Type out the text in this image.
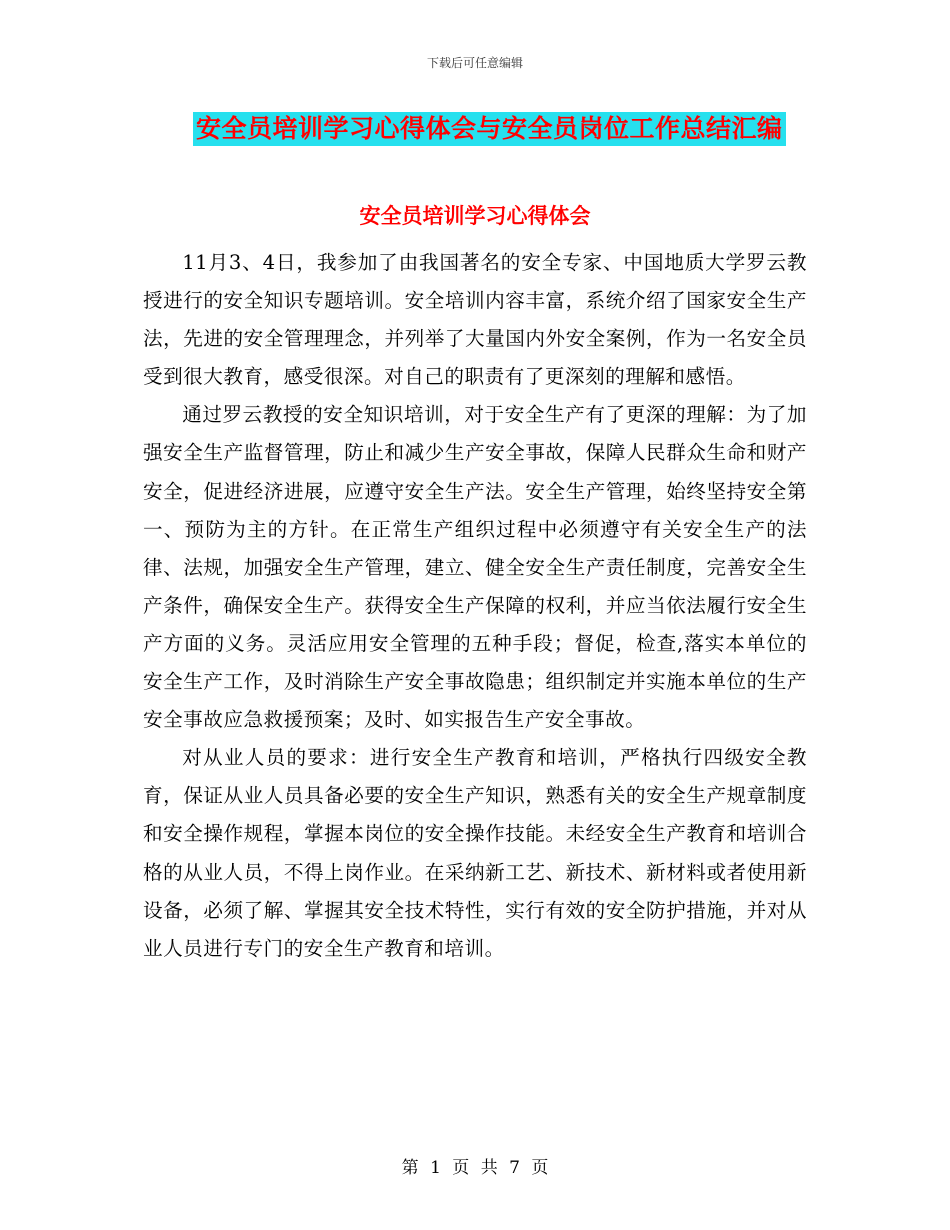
下载后可任意编辑
安全员培训学习心得体会与安全员岗位工作总结汇编
安全员培训学习心得体会

11月3、4日，我参加了由我国著名的安全专家、中国地质大学罗云教授进行的安全知识专题培训。安全培训内容丰富，系统介绍了国家安全生产法，先进的安全管理理念，并列举了大量国内外安全案例，作为一名安全员受到很大教育，感受很深。对自己的职责有了更深刻的理解和感悟。

通过罗云教授的安全知识培训，对于安全生产有了更深的理解：为了加强安全生产监督管理，防止和减少生产安全事故，保障人民群众生命和财产安全，促进经济进展，应遵守安全生产法。安全生产管理，始终坚持安全第一、预防为主的方针。在正常生产组织过程中必须遵守有关安全生产的法律、法规，加强安全生产管理，建立、健全安全生产责任制度，完善安全生产条件，确保安全生产。获得安全生产保障的权利，并应当依法履行安全生产方面的义务。灵活应用安全管理的五种手段；督促，检查,落实本单位的安全生产工作，及时消除生产安全事故隐患；组织制定并实施本单位的生产安全事故应急救援预案；及时、如实报告生产安全事故。

对从业人员的要求：进行安全生产教育和培训，严格执行四级安全教育，保证从业人员具备必要的安全生产知识，熟悉有关的安全生产规章制度和安全操作规程，掌握本岗位的安全操作技能。未经安全生产教育和培训合格的从业人员，不得上岗作业。在采纳新工艺、新技术、新材料或者使用新设备，必须了解、掌握其安全技术特性，实行有效的安全防护措施，并对从业人员进行专门的安全生产教育和培训。

第 1 页 共 7 页
